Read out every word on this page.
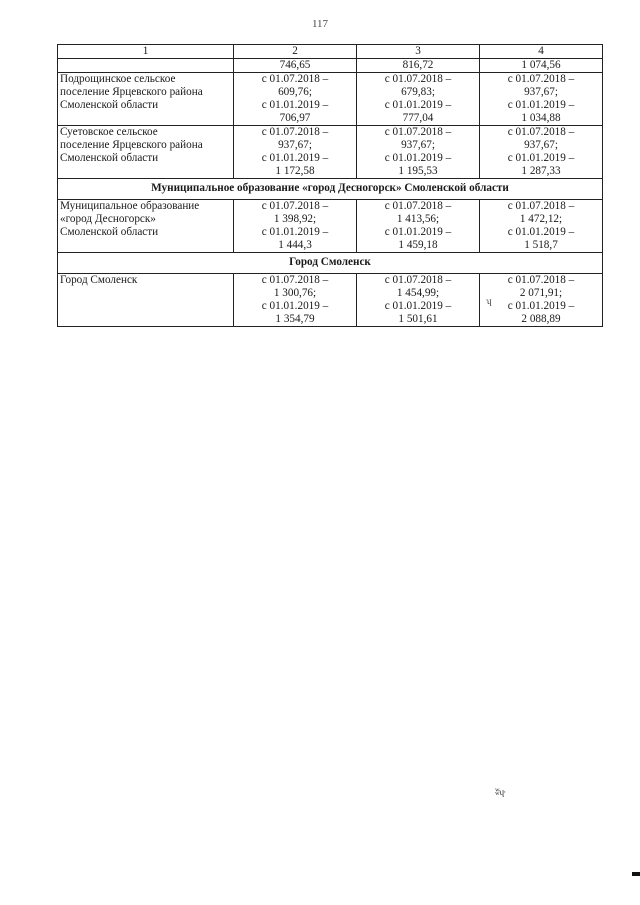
117
1	2	3	4
	746,65	816,72	1 074,56

Подрощинское сельское
поселение Ярцевского района
Смоленской области	с 01.07.2018 –
609,76;
с 01.01.2019 –
706,97	с 01.07.2018 –
679,83;
с 01.01.2019 –
777,04	с 01.07.2018 –
937,67;
с 01.01.2019 –
1 034,88

Суетовское сельское
поселение Ярцевского района
Смоленской области	с 01.07.2018 –
937,67;
с 01.01.2019 –
1 172,58	с 01.07.2018 –
937,67;
с 01.01.2019 –
1 195,53	с 01.07.2018 –
937,67;
с 01.01.2019 –
1 287,33

Муниципальное образование «город Десногорск» Смоленской области			

Муниципальное образование
«город Десногорск»
Смоленской области	с 01.07.2018 –
1 398,92;
с 01.01.2019 –
1 444,3	с 01.07.2018 –
1 413,56;
с 01.01.2019 –
1 459,18	с 01.07.2018 –
1 472,12;
с 01.01.2019 –
1 518,7

Город Смоленск			

Город Смоленск	с 01.07.2018 –
1 300,76;
с 01.01.2019 –
1 354,79	с 01.07.2018 –
1 454,99;
с 01.01.2019 –
1 501,61	с 01.07.2018 –
2 071,91;
с 01.01.2019 –
2 088,89
ʮ
ʬʮ·
